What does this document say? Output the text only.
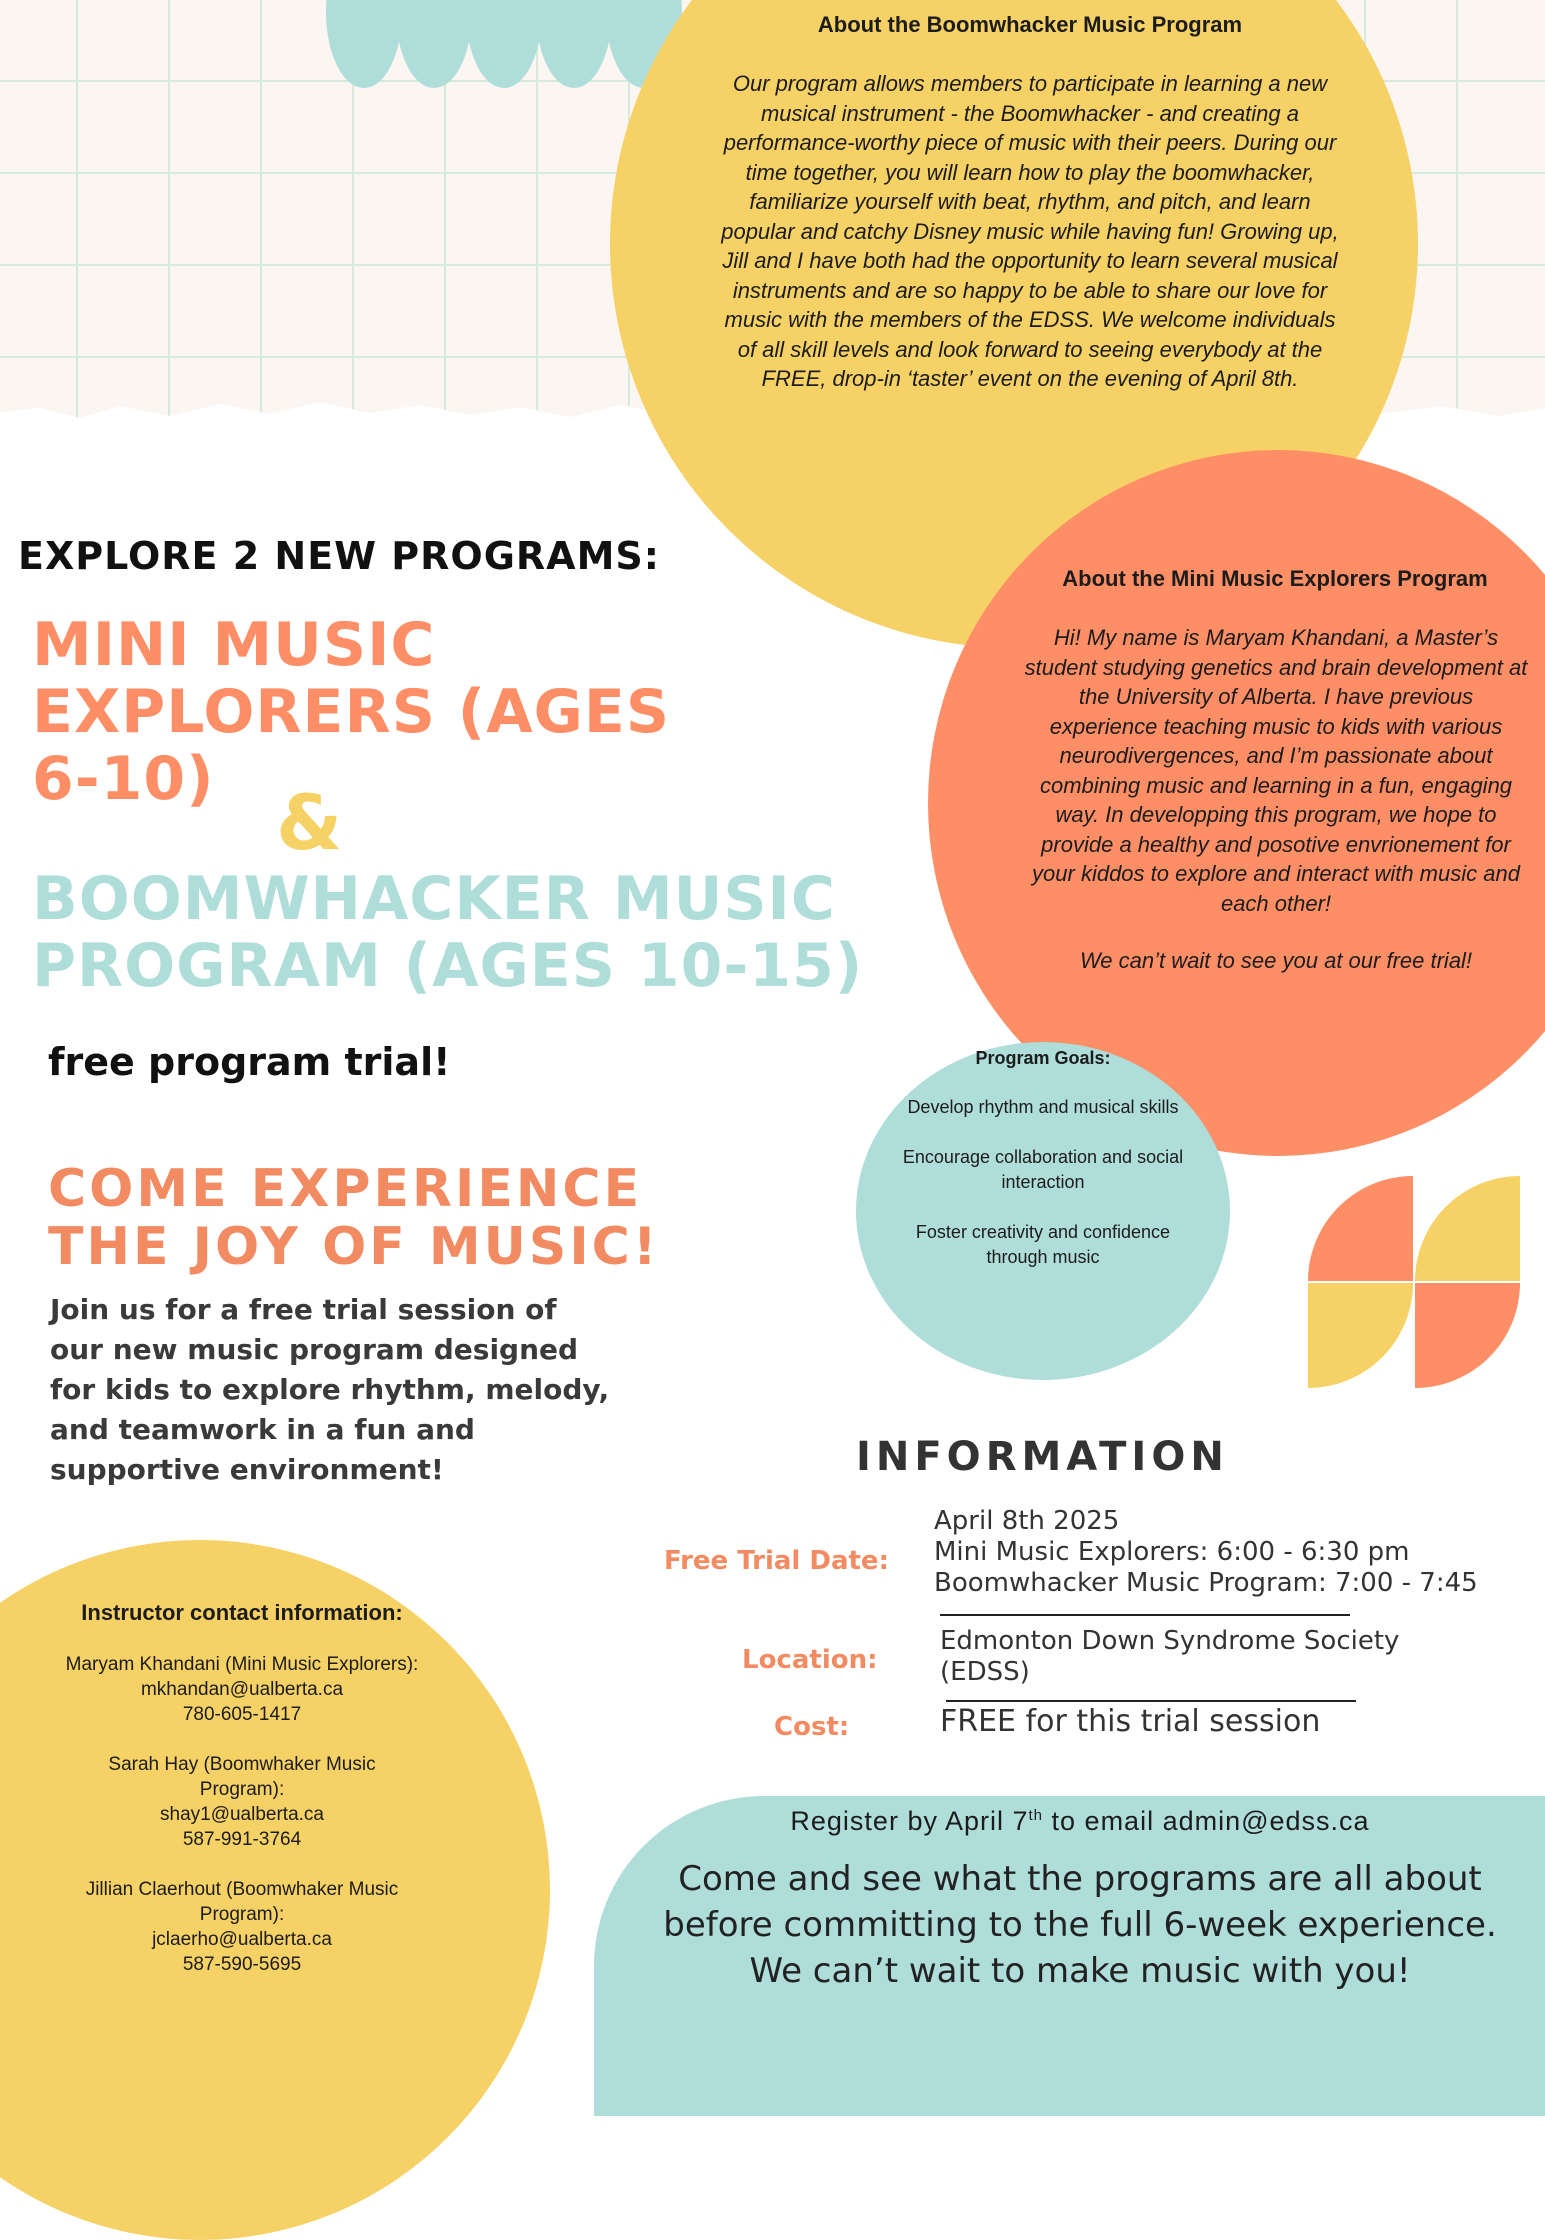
About the Boomwhacker Music Program
Our program allows members to participate in learning a new musical instrument - the Boomwhacker - and creating a performance-worthy piece of music with their peers. During our time together, you will learn how to play the boomwhacker, familiarize yourself with beat, rhythm, and pitch, and learn popular and catchy Disney music while having fun! Growing up, Jill and I have both had the opportunity to learn several musical instruments and are so happy to be able to share our love for music with the members of the EDSS. We welcome individuals of all skill levels and look forward to seeing everybody at the FREE, drop-in ‘taster’ event on the evening of April 8th.
About the Mini Music Explorers Program
Hi! My name is Maryam Khandani, a Master’s student studying genetics and brain development at the University of Alberta. I have previous experience teaching music to kids with various neurodivergences, and I’m passionate about combining music and learning in a fun, engaging way. In developping this program, we hope to provide a healthy and posotive envrionement for your kiddos to explore and interact with music and each other!
We can’t wait to see you at our free trial!
EXPLORE 2 NEW PROGRAMS:
MINI MUSIC
EXPLORERS (AGES
6-10) &
BOOMWHACKER MUSIC
PROGRAM (AGES 10-15)
free program trial!
COME EXPERIENCE
THE JOY OF MUSIC!
Join us for a free trial session of our new music program designed for kids to explore rhythm, melody, and teamwork in a fun and supportive environment!
Program Goals:
Develop rhythm and musical skills
Encourage collaboration and social interaction
Foster creativity and confidence through music
INFORMATION
Free Trial Date:
April 8th 2025
Mini Music Explorers: 6:00 - 6:30 pm
Boomwhacker Music Program: 7:00 - 7:45
Location:
Edmonton Down Syndrome Society
(EDSS)
Cost:	FREE for this trial session
Instructor contact information:
Maryam Khandani (Mini Music Explorers):
mkhandan@ualberta.ca
780-605-1417
Sarah Hay (Boomwhaker Music Program):
shay1@ualberta.ca
587-991-3764
Jillian Claerhout (Boomwhaker Music Program):
jclaerho@ualberta.ca
587-590-5695
Register by April 7th to email admin@edss.ca
Come and see what the programs are all about
before committing to the full 6-week experience.
We can’t wait to make music with you!
